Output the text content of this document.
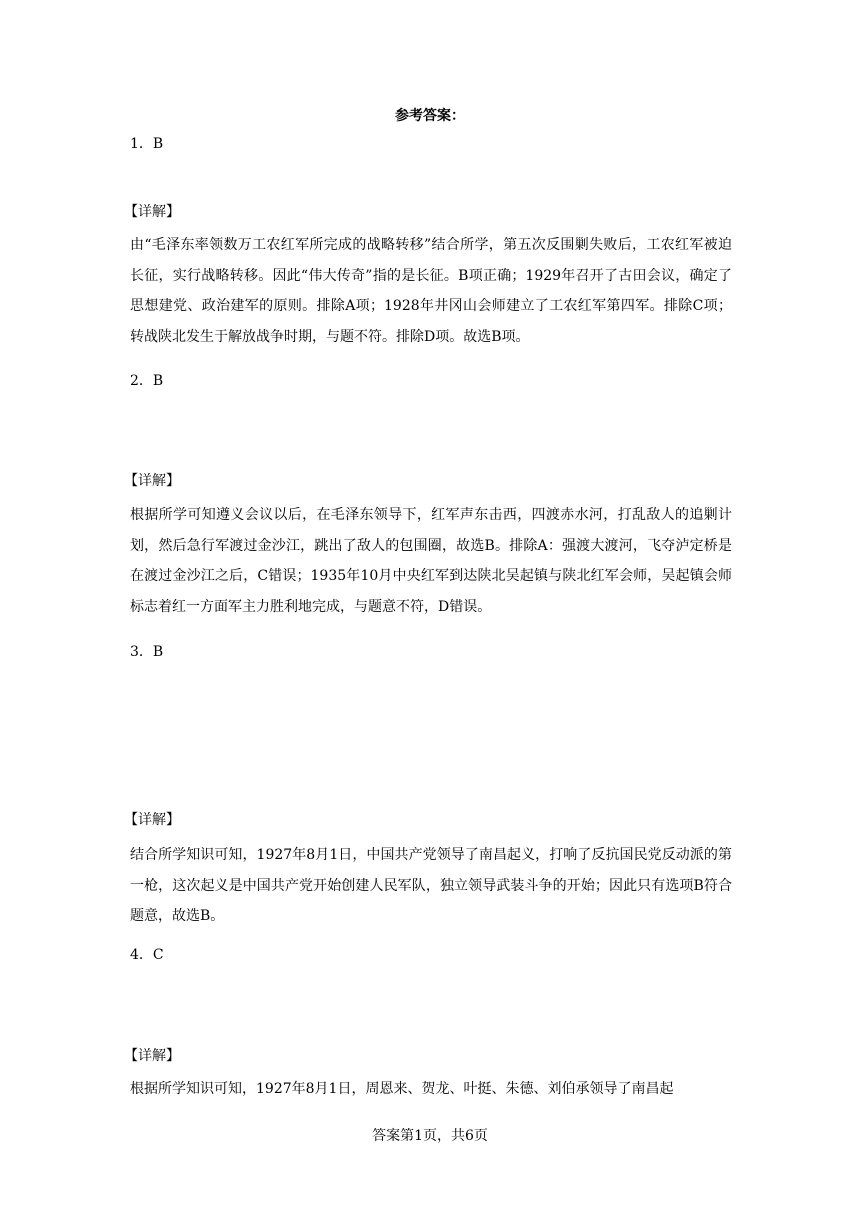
参考答案：
1．B
【详解】
由“毛泽东率领数万工农红军所完成的战略转移”结合所学，第五次反围剿失败后，工农红军被迫长征，实行战略转移。因此“伟大传奇”指的是长征。B项正确；1929年召开了古田会议，确定了思想建党、政治建军的原则。排除A项；1928年井冈山会师建立了工农红军第四军。排除C项；转战陕北发生于解放战争时期，与题不符。排除D项。故选B项。
2．B
【详解】
根据所学可知遵义会议以后，在毛泽东领导下，红军声东击西，四渡赤水河，打乱敌人的追剿计划，然后急行军渡过金沙江，跳出了敌人的包围圈，故选B。排除A：强渡大渡河，飞夺泸定桥是在渡过金沙江之后，C错误；1935年10月中央红军到达陕北吴起镇与陕北红军会师，吴起镇会师标志着红一方面军主力胜利地完成，与题意不符，D错误。
3．B
【详解】
结合所学知识可知，1927年8月1日，中国共产党领导了南昌起义，打响了反抗国民党反动派的第一枪，这次起义是中国共产党开始创建人民军队，独立领导武装斗争的开始；因此只有选项B符合题意，故选B。
4．C
【详解】
根据所学知识可知，1927年8月1日，周恩来、贺龙、叶挺、朱德、刘伯承领导了南昌起
答案第1页，共6页
